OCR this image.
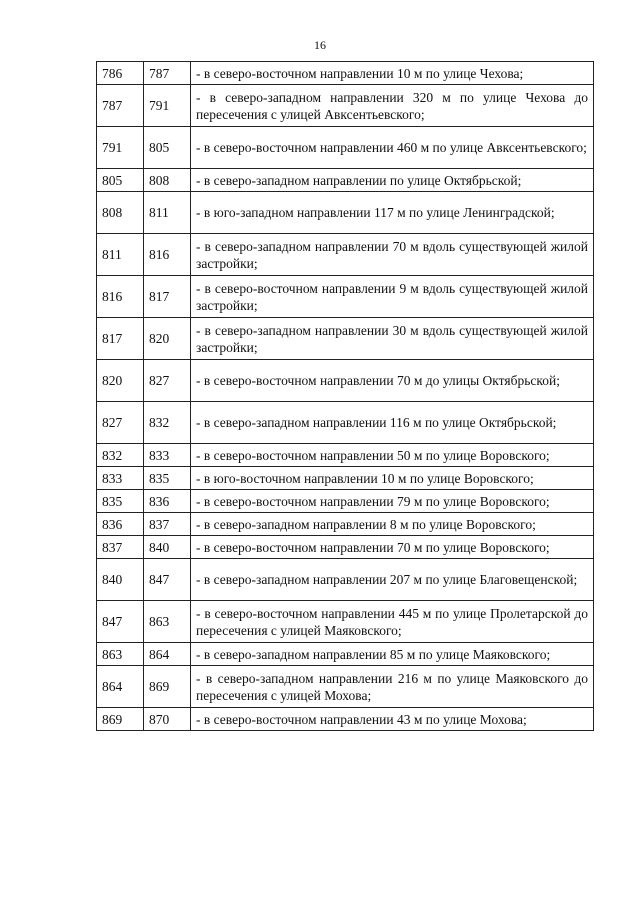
16
786	787	- в северо-восточном направлении 10 м по улице Чехова;
787	791	- в северо-западном направлении 320 м по улице Чехова до пересечения с улицей Авксентьевского;
791	805	- в северо-восточном направлении 460 м по улице Авксентьевского;
805	808	- в северо-западном направлении по улице Октябрьской;
808	811	- в юго-западном направлении 117 м по улице Ленинградской;
811	816	- в северо-западном направлении 70 м вдоль существующей жилой застройки;
816	817	- в северо-восточном направлении 9 м вдоль существующей жилой застройки;
817	820	- в северо-западном направлении 30 м вдоль существующей жилой застройки;
820	827	- в северо-восточном направлении 70 м до улицы Октябрьской;
827	832	- в северо-западном направлении 116 м по улице Октябрьской;
832	833	- в северо-восточном направлении 50 м по улице Воровского;
833	835	- в юго-восточном направлении 10 м по улице Воровского;
835	836	- в северо-восточном направлении 79 м по улице Воровского;
836	837	- в северо-западном направлении 8 м по улице Воровского;
837	840	- в северо-восточном направлении 70 м по улице Воровского;
840	847	- в северо-западном направлении 207 м по улице Благовещенской;
847	863	- в северо-восточном направлении 445 м по улице Пролетарской до пересечения с улицей Маяковского;
863	864	- в северо-западном направлении 85 м по улице Маяковского;
864	869	- в северо-западном направлении 216 м по улице Маяковского до пересечения с улицей Мохова;
869	870	- в северо-восточном направлении 43 м по улице Мохова;
